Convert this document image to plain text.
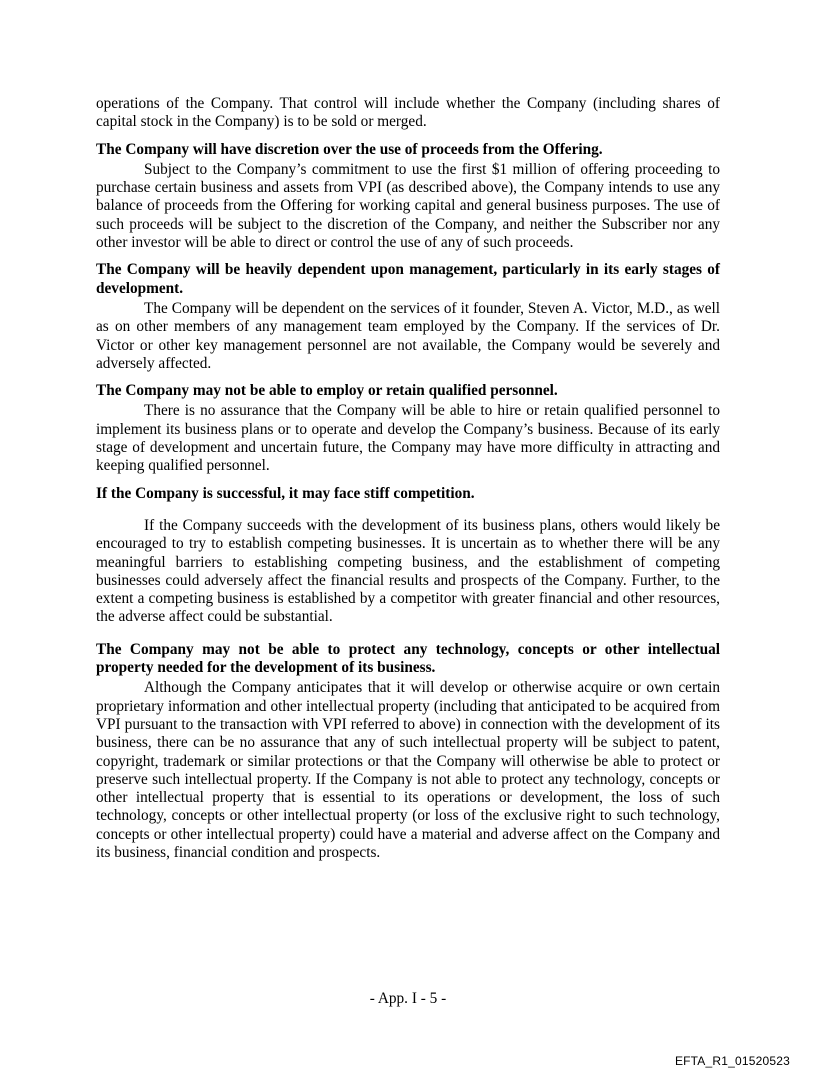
operations of the Company. That control will include whether the Company (including shares of capital stock in the Company) is to be sold or merged.

The Company will have discretion over the use of proceeds from the Offering.

Subject to the Company’s commitment to use the first $1 million of offering proceeding to purchase certain business and assets from VPI (as described above), the Company intends to use any balance of proceeds from the Offering for working capital and general business purposes. The use of such proceeds will be subject to the discretion of the Company, and neither the Subscriber nor any other investor will be able to direct or control the use of any of such proceeds.

The Company will be heavily dependent upon management, particularly in its early stages of development.

The Company will be dependent on the services of it founder, Steven A. Victor, M.D., as well as on other members of any management team employed by the Company. If the services of Dr. Victor or other key management personnel are not available, the Company would be severely and adversely affected.

The Company may not be able to employ or retain qualified personnel.

There is no assurance that the Company will be able to hire or retain qualified personnel to implement its business plans or to operate and develop the Company’s business. Because of its early stage of development and uncertain future, the Company may have more difficulty in attracting and keeping qualified personnel.

If the Company is successful, it may face stiff competition.

If the Company succeeds with the development of its business plans, others would likely be encouraged to try to establish competing businesses. It is uncertain as to whether there will be any meaningful barriers to establishing competing business, and the establishment of competing businesses could adversely affect the financial results and prospects of the Company. Further, to the extent a competing business is established by a competitor with greater financial and other resources, the adverse affect could be substantial.

The Company may not be able to protect any technology, concepts or other intellectual property needed for the development of its business.

Although the Company anticipates that it will develop or otherwise acquire or own certain proprietary information and other intellectual property (including that anticipated to be acquired from VPI pursuant to the transaction with VPI referred to above) in connection with the development of its business, there can be no assurance that any of such intellectual property will be subject to patent, copyright, trademark or similar protections or that the Company will otherwise be able to protect or preserve such intellectual property. If the Company is not able to protect any technology, concepts or other intellectual property that is essential to its operations or development, the loss of such technology, concepts or other intellectual property (or loss of the exclusive right to such technology, concepts or other intellectual property) could have a material and adverse affect on the Company and its business, financial condition and prospects.

- App. I - 5 -
EFTA_R1_01520523
